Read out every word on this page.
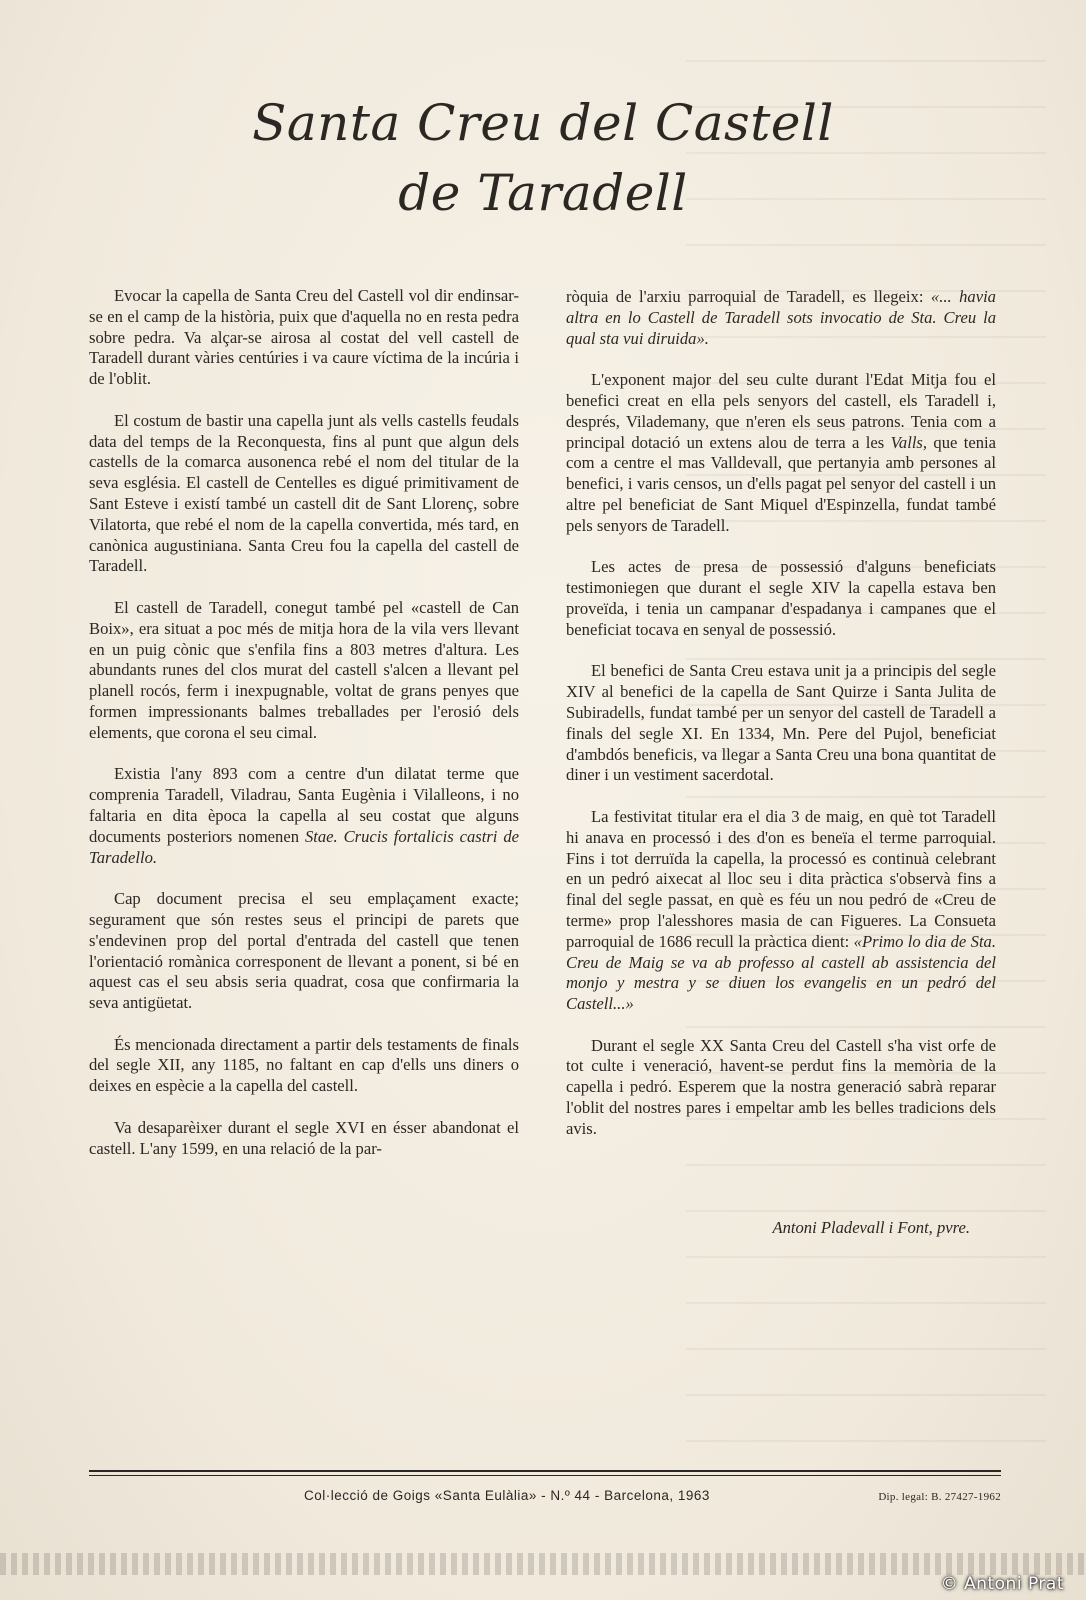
Santa Creu del Castell
de Taradell

Evocar la capella de Santa Creu del Castell vol dir endinsar-se en el camp de la història, puix que d'aquella no en resta pedra sobre pedra. Va alçar-se airosa al costat del vell castell de Taradell durant vàries centúries i va caure víctima de la incúria i de l'oblit.

El costum de bastir una capella junt als vells castells feudals data del temps de la Reconquesta, fins al punt que algun dels castells de la comarca ausonenca rebé el nom del titular de la seva església. El castell de Centelles es digué primitivament de Sant Esteve i existí també un castell dit de Sant Llorenç, sobre Vilatorta, que rebé el nom de la capella convertida, més tard, en canònica augustiniana. Santa Creu fou la capella del castell de Taradell.

El castell de Taradell, conegut també pel «castell de Can Boix», era situat a poc més de mitja hora de la vila vers llevant en un puig cònic que s'enfila fins a 803 metres d'altura. Les abundants runes del clos murat del castell s'alcen a llevant pel planell rocós, ferm i inexpugnable, voltat de grans penyes que formen impressionants balmes treballades per l'erosió dels elements, que corona el seu cimal.

Existia l'any 893 com a centre d'un dilatat terme que comprenia Taradell, Viladrau, Santa Eugènia i Vilalleons, i no faltaria en dita època la capella al seu costat que alguns documents posteriors nomenen Stae. Crucis fortalicis castri de Taradello.

Cap document precisa el seu emplaçament exacte; segurament que són restes seus el principi de parets que s'endevinen prop del portal d'entrada del castell que tenen l'orientació romànica corresponent de llevant a ponent, si bé en aquest cas el seu absis seria quadrat, cosa que confirmaria la seva antigüetat.

És mencionada directament a partir dels testaments de finals del segle XII, any 1185, no faltant en cap d'ells uns diners o deixes en espècie a la capella del castell.

Va desaparèixer durant el segle XVI en ésser abandonat el castell. L'any 1599, en una relació de la par-

ròquia de l'arxiu parroquial de Taradell, es llegeix: «... havia altra en lo Castell de Taradell sots invocatio de Sta. Creu la qual sta vui diruida».

L'exponent major del seu culte durant l'Edat Mitja fou el benefici creat en ella pels senyors del castell, els Taradell i, després, Vilademany, que n'eren els seus patrons. Tenia com a principal dotació un extens alou de terra a les Valls, que tenia com a centre el mas Valldevall, que pertanyia amb persones al benefici, i varis censos, un d'ells pagat pel senyor del castell i un altre pel beneficiat de Sant Miquel d'Espinzella, fundat també pels senyors de Taradell.

Les actes de presa de possessió d'alguns beneficiats testimoniegen que durant el segle XIV la capella estava ben proveïda, i tenia un campanar d'espadanya i campanes que el beneficiat tocava en senyal de possessió.

El benefici de Santa Creu estava unit ja a principis del segle XIV al benefici de la capella de Sant Quirze i Santa Julita de Subiradells, fundat també per un senyor del castell de Taradell a finals del segle XI. En 1334, Mn. Pere del Pujol, beneficiat d'ambdós beneficis, va llegar a Santa Creu una bona quantitat de diner i un vestiment sacerdotal.

La festivitat titular era el dia 3 de maig, en què tot Taradell hi anava en processó i des d'on es beneïa el terme parroquial. Fins i tot derruïda la capella, la processó es continuà celebrant en un pedró aixecat al lloc seu i dita pràctica s'observà fins a final del segle passat, en què es féu un nou pedró de «Creu de terme» prop l'alesshores masia de can Figueres. La Consueta parroquial de 1686 recull la pràctica dient: «Primo lo dia de Sta. Creu de Maig se va ab professo al castell ab assistencia del monjo y mestra y se diuen los evangelis en un pedró del Castell...»

Durant el segle XX Santa Creu del Castell s'ha vist orfe de tot culte i veneració, havent-se perdut fins la memòria de la capella i pedró. Esperem que la nostra generació sabrà reparar l'oblit del nostres pares i empeltar amb les belles tradicions dels avis.

Antoni Pladevall i Font, pvre.
Col·lecció de Goigs «Santa Eulàlia» - N.º 44 - Barcelona, 1963	Dip. legal: B. 27427-1962
© Antoni Prat
